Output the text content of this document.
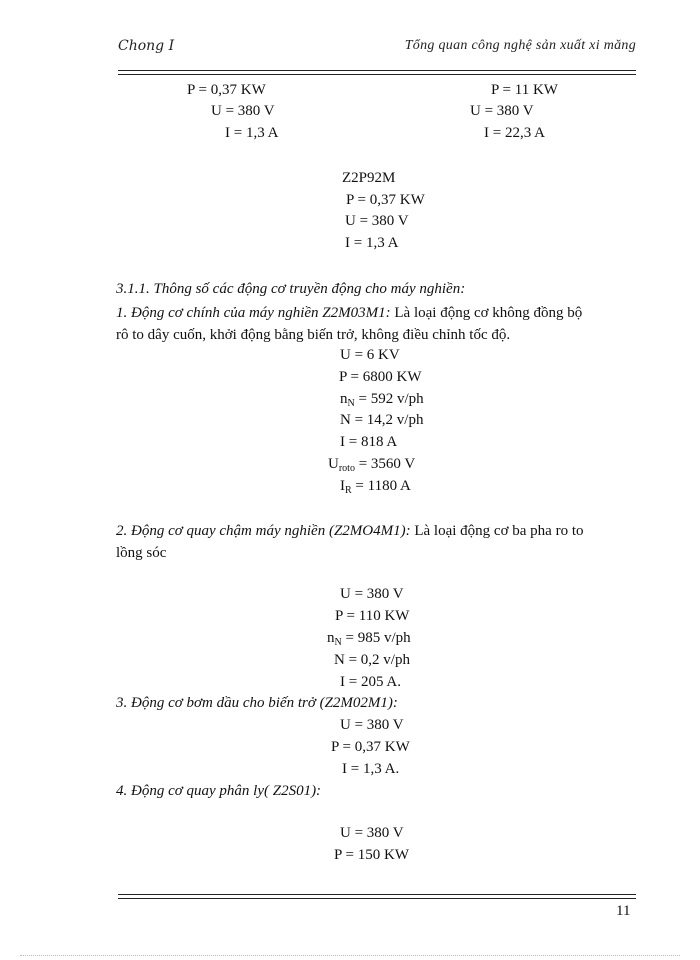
Chong I	Tổng quan công nghệ sản xuất xi măng
P = 0,37 KW
U = 380 V
I = 1,3 A
P = 11 KW
U = 380 V
I = 22,3 A
Z2P92M
P = 0,37 KW
U = 380 V
I = 1,3 A
3.1.1. Thông số các động cơ truyền động cho máy nghiền:
1. Động cơ chính của máy nghiền Z2M03M1: Là loại động cơ không đồng bộ
rô to dây cuốn, khởi động bằng biến trở, không điều chỉnh tốc độ.
U = 6 KV
P = 6800 KW
$n_N = 592$ v/ph
N = 14,2 v/ph
I = 818 A
$U_{roto} = 3560$ V
$I_R = 1180$ A
2. Động cơ quay chậm máy nghiền (Z2MO4M1): Là loại động cơ ba pha ro to
lồng sóc
U = 380 V
P = 110 KW
$n_N = 985$ v/ph
N = 0,2 v/ph
I = 205 A.
3. Động cơ bơm dầu cho biến trở (Z2M02M1):
U = 380 V
P = 0,37 KW
I = 1,3 A.
4. Động cơ quay phân ly( Z2S01):
U = 380 V
P = 150 KW
11
